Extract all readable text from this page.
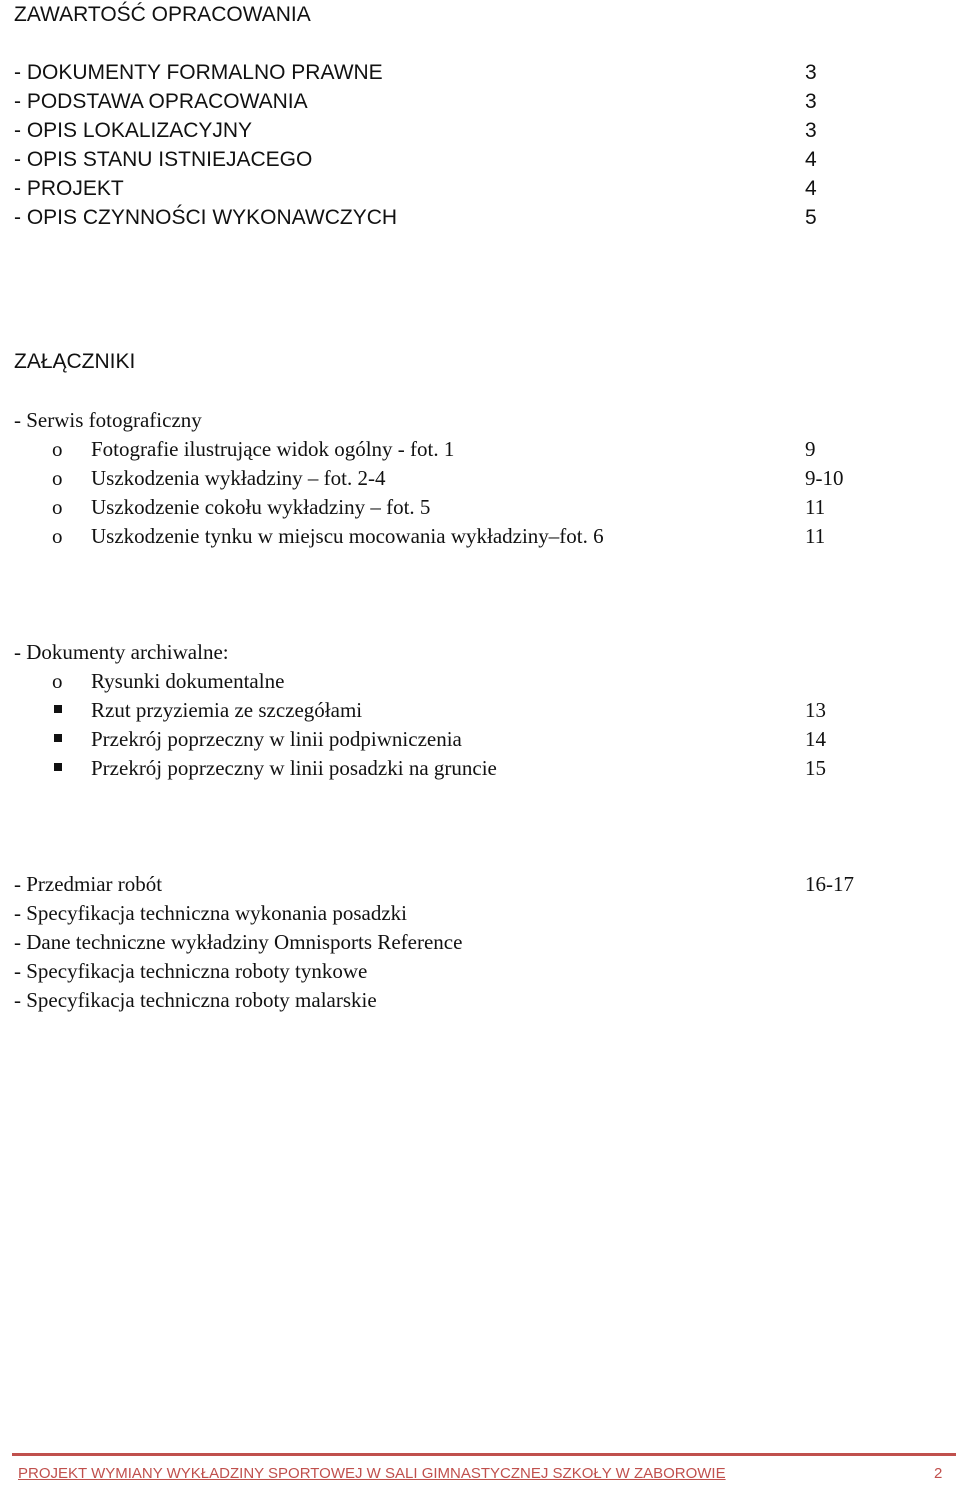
ZAWARTOŚĆ OPRACOWANIA
- DOKUMENTY FORMALNO PRAWNE	3
- PODSTAWA OPRACOWANIA	3
- OPIS LOKALIZACYJNY	3
- OPIS STANU ISTNIEJACEGO	4
- PROJEKT	4
- OPIS CZYNNOŚCI WYKONAWCZYCH	5
ZAŁĄCZNIKI
- Serwis fotograficzny
o Fotografie ilustrujące widok ogólny - fot. 1	9
o Uszkodzenia wykładziny – fot. 2-4	9-10
o Uszkodzenie cokołu wykładziny – fot. 5	11
o Uszkodzenie tynku w miejscu mocowania wykładziny–fot. 6	11
- Dokumenty archiwalne:
o Rysunki dokumentalne
Rzut przyziemia ze szczegółami	13
Przekrój poprzeczny w linii podpiwniczenia	14
Przekrój poprzeczny w linii posadzki na gruncie	15
- Przedmiar robót	16-17
- Specyfikacja techniczna wykonania posadzki
- Dane techniczne wykładziny Omnisports Reference
- Specyfikacja techniczna roboty tynkowe
- Specyfikacja techniczna roboty malarskie
PROJEKT WYMIANY WYKŁADZINY SPORTOWEJ W SALI GIMNASTYCZNEJ SZKOŁY W ZABOROWIE	2
